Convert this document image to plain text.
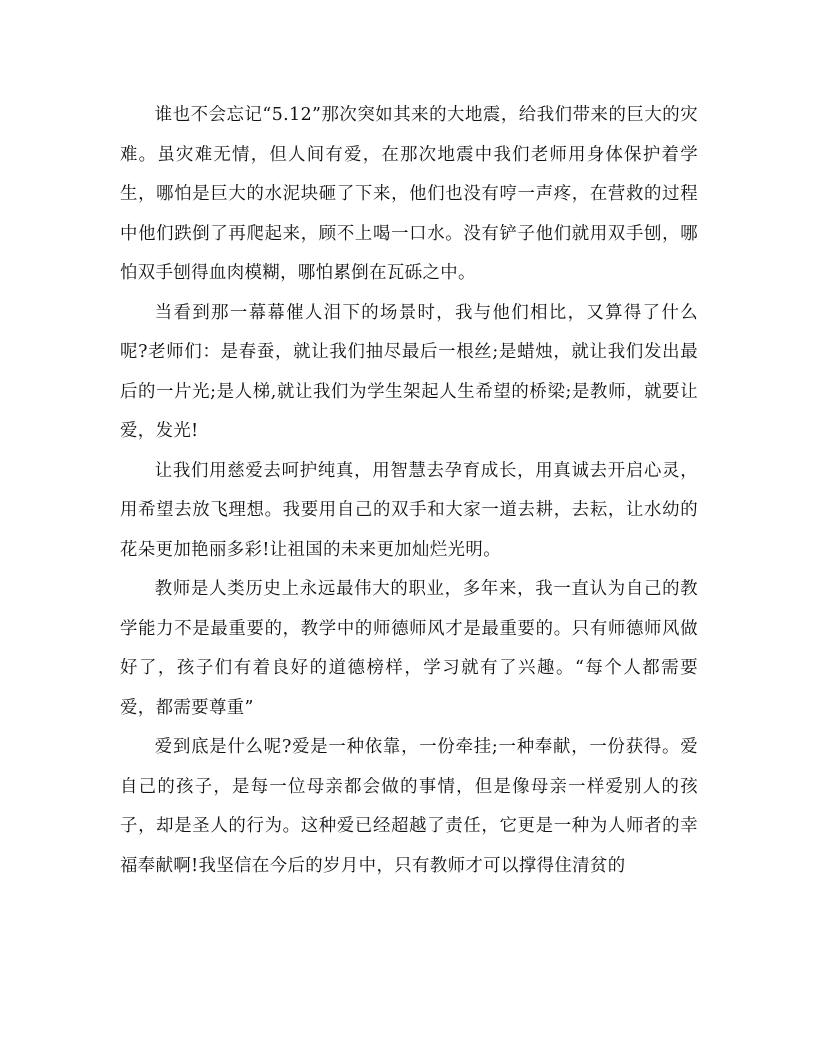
谁也不会忘记“5.12”那次突如其来的大地震，给我们带来的巨大的灾难。虽灾难无情，但人间有爱，在那次地震中我们老师用身体保护着学生，哪怕是巨大的水泥块砸了下来，他们也没有哼一声疼，在营救的过程中他们跌倒了再爬起来，顾不上喝一口水。没有铲子他们就用双手刨，哪怕双手刨得血肉模糊，哪怕累倒在瓦砾之中。

当看到那一幕幕催人泪下的场景时，我与他们相比，又算得了什么呢?老师们：是春蚕，就让我们抽尽最后一根丝;是蜡烛，就让我们发出最后的一片光;是人梯,就让我们为学生架起人生希望的桥梁;是教师，就要让爱，发光!

让我们用慈爱去呵护纯真，用智慧去孕育成长，用真诚去开启心灵，用希望去放飞理想。我要用自己的双手和大家一道去耕，去耘，让水幼的花朵更加艳丽多彩!让祖国的未来更加灿烂光明。

教师是人类历史上永远最伟大的职业，多年来，我一直认为自己的教学能力不是最重要的，教学中的师德师风才是最重要的。只有师德师风做好了，孩子们有着良好的道德榜样，学习就有了兴趣。“每个人都需要爱，都需要尊重”

爱到底是什么呢?爱是一种依靠，一份牵挂;一种奉献，一份获得。爱自己的孩子，是每一位母亲都会做的事情，但是像母亲一样爱别人的孩子，却是圣人的行为。这种爱已经超越了责任，它更是一种为人师者的幸福奉献啊!我坚信在今后的岁月中，只有教师才可以撑得住清贫的
